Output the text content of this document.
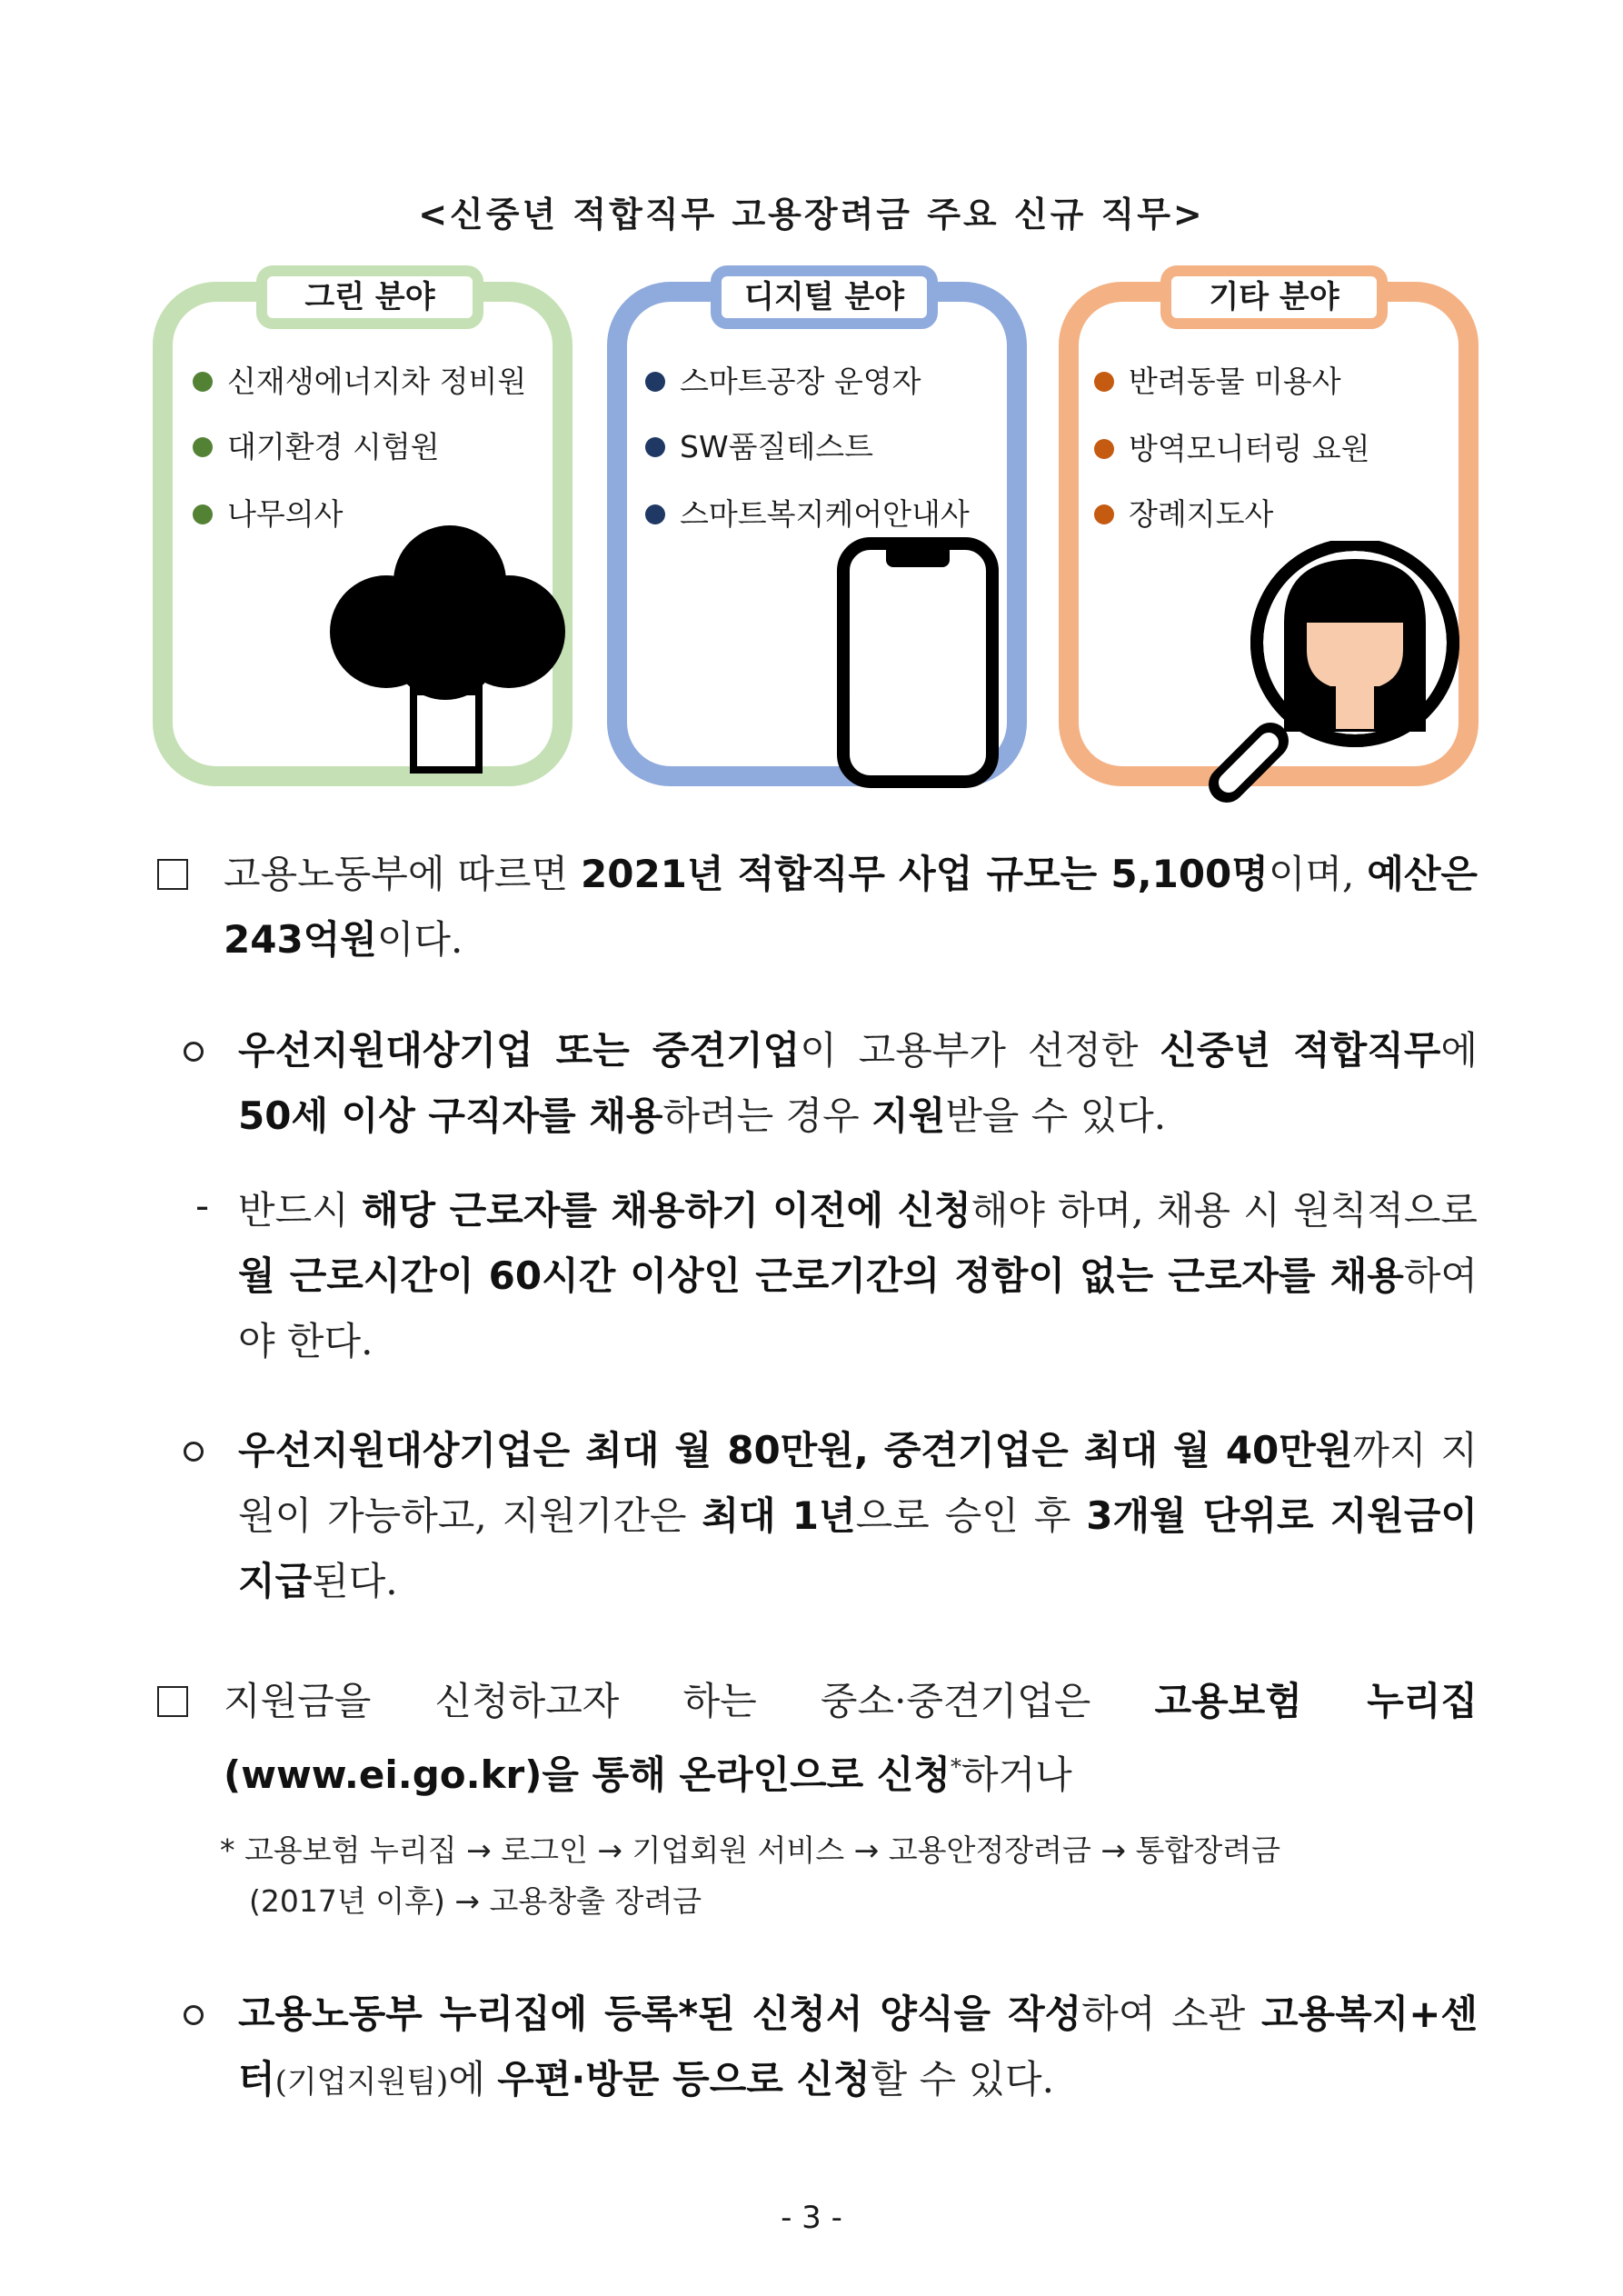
<신중년 적합직무 고용장려금 주요 신규 직무>
그린 분야	디지털 분야	기타 분야
신재생에너지차 정비원
대기환경 시험원
나무의사
스마트공장 운영자
SW품질테스트
스마트복지케어안내사
반려동물 미용사
방역모니터링 요원
장례지도사
고용노동부에 따르면 2021년 적합직무 사업 규모는 5,100명이며, 예산은 243억원이다.
우선지원대상기업 또는 중견기업이 고용부가 선정한 신중년 적합직무에 50세 이상 구직자를 채용하려는 경우 지원받을 수 있다.
- 반드시 해당 근로자를 채용하기 이전에 신청해야 하며, 채용 시 원칙적으로 월 근로시간이 60시간 이상인 근로기간의 정함이 없는 근로자를 채용하여야 한다.
우선지원대상기업은 최대 월 80만원, 중견기업은 최대 월 40만원까지 지원이 가능하고, 지원기간은 최대 1년으로 승인 후 3개월 단위로 지원금이 지급된다.
지원금을 신청하고자 하는 중소·중견기업은 고용보험 누리집 (www.ei.go.kr)을 통해 온라인으로 신청*하거나
* 고용보험 누리집 → 로그인 → 기업회원 서비스 → 고용안정장려금 → 통합장려금
(2017년 이후) → 고용창출 장려금
고용노동부 누리집에 등록*된 신청서 양식을 작성하여 소관 고용복지+센터(기업지원팀)에 우편·방문 등으로 신청할 수 있다.
- 3 -
